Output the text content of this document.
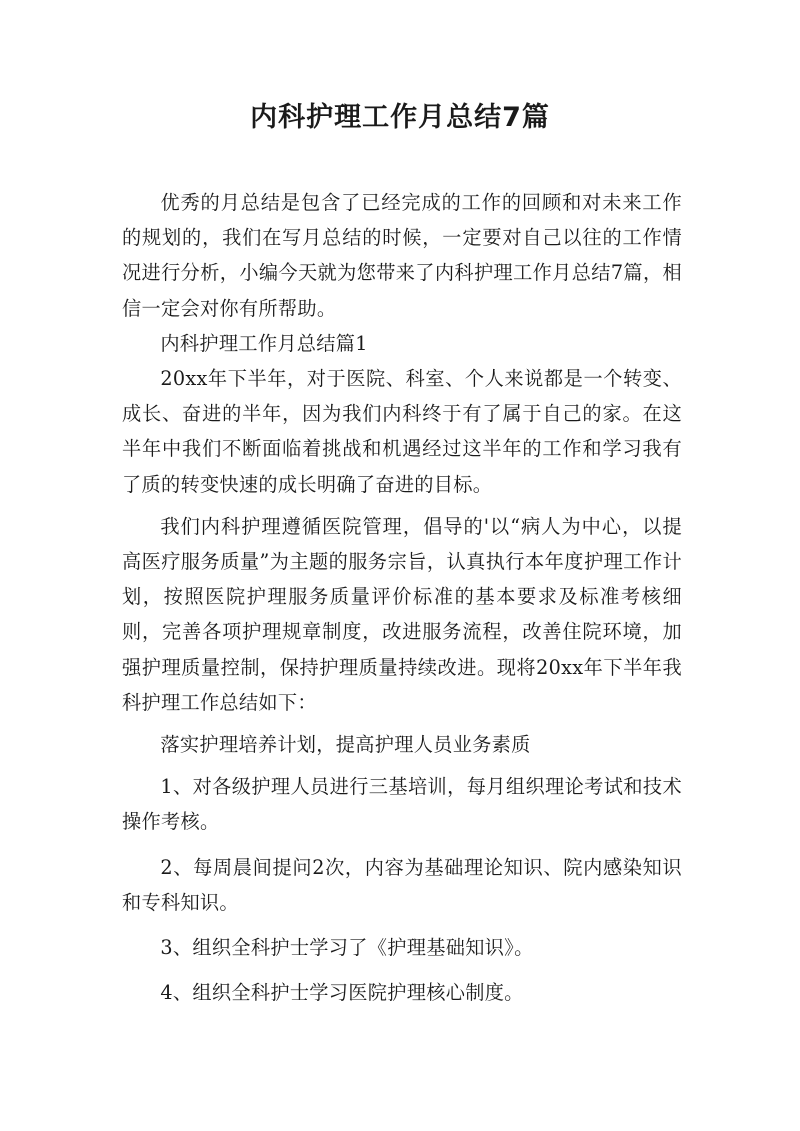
内科护理工作月总结7篇

优秀的月总结是包含了已经完成的工作的回顾和对未来工作的规划的，我们在写月总结的时候，一定要对自己以往的工作情况进行分析，小编今天就为您带来了内科护理工作月总结7篇，相信一定会对你有所帮助。

内科护理工作月总结篇1

20xx年下半年，对于医院、科室、个人来说都是一个转变、成长、奋进的半年，因为我们内科终于有了属于自己的家。在这半年中我们不断面临着挑战和机遇经过这半年的工作和学习我有了质的转变快速的成长明确了奋进的目标。

我们内科护理遵循医院管理，倡导的'以“病人为中心，以提高医疗服务质量”为主题的服务宗旨，认真执行本年度护理工作计划，按照医院护理服务质量评价标准的基本要求及标准考核细则，完善各项护理规章制度，改进服务流程，改善住院环境，加强护理质量控制，保持护理质量持续改进。现将20xx年下半年我科护理工作总结如下：

落实护理培养计划，提高护理人员业务素质

1、对各级护理人员进行三基培训，每月组织理论考试和技术操作考核。

2、每周晨间提问2次，内容为基础理论知识、院内感染知识和专科知识。

3、组织全科护士学习了《护理基础知识》。

4、组织全科护士学习医院护理核心制度。
